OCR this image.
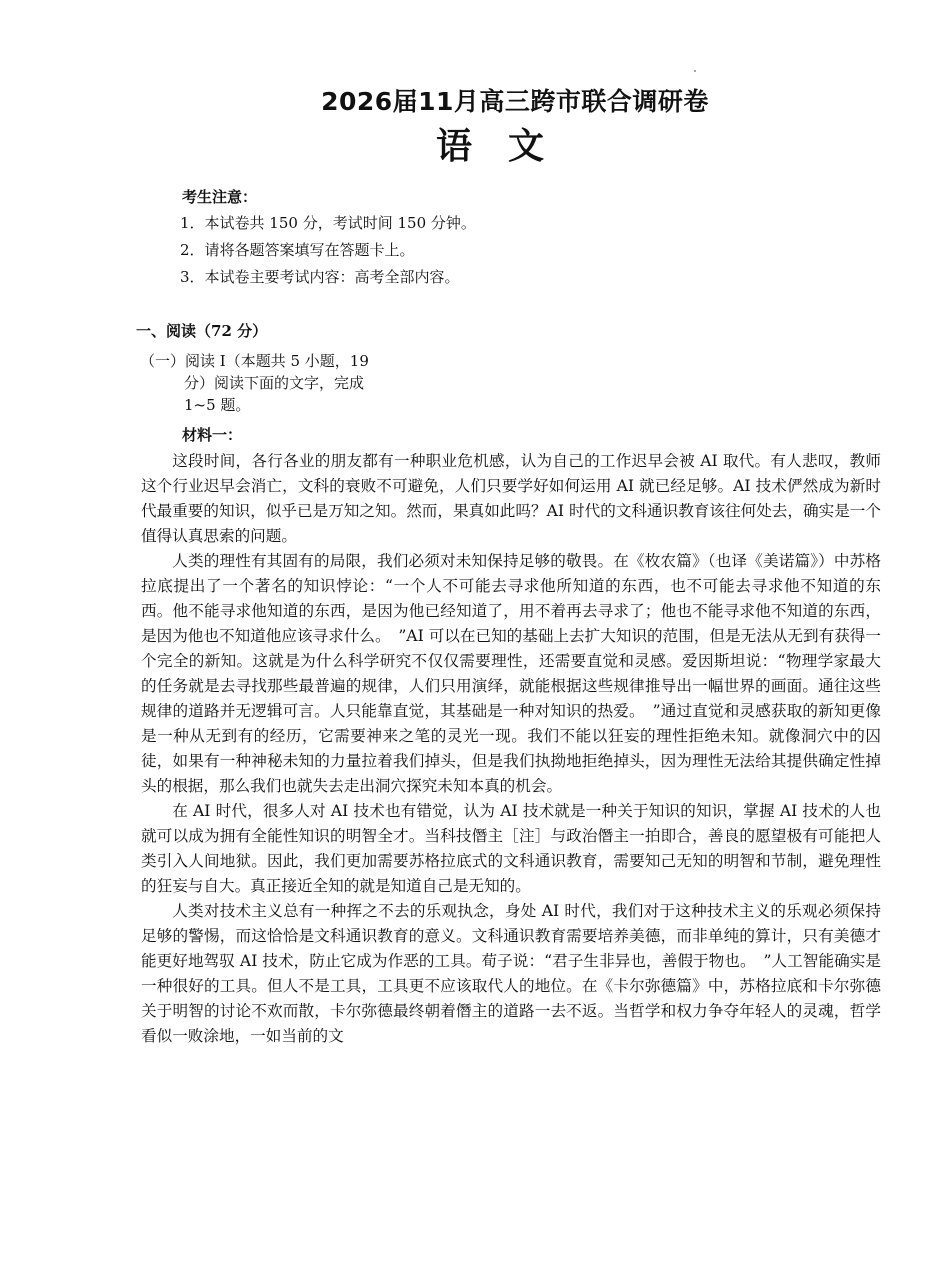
2026届11月高三跨市联合调研卷
语　文
考生注意：
1．本试卷共 150 分，考试时间 150 分钟。
2．请将各题答案填写在答题卡上。
3．本试卷主要考试内容：高考全部内容。
一、阅读（72 分）
（一）阅读 I（本题共 5 小题，19
分）阅读下面的文字，完成
1~5 题。
材料一：

这段时间，各行各业的朋友都有一种职业危机感，认为自己的工作迟早会被 AI 取代。有人悲叹，教师这个行业迟早会消亡，文科的衰败不可避免，人们只要学好如何运用 AI 就已经足够。AI 技术俨然成为新时代最重要的知识，似乎已是万知之知。然而，果真如此吗？AI 时代的文科通识教育该往何处去，确实是一个值得认真思索的问题。

人类的理性有其固有的局限，我们必须对未知保持足够的敬畏。在《枚农篇》（也译《美诺篇》）中苏格拉底提出了一个著名的知识悖论：“一个人不可能去寻求他所知道的东西，也不可能去寻求他不知道的东西。他不能寻求他知道的东西，是因为他已经知道了，用不着再去寻求了；他也不能寻求他不知道的东西，是因为他也不知道他应该寻求什么。　”AI 可以在已知的基础上去扩大知识的范围，但是无法从无到有获得一个完全的新知。这就是为什么科学研究不仅仅需要理性，还需要直觉和灵感。爱因斯坦说：“物理学家最大的任务就是去寻找那些最普遍的规律，人们只用演绎，就能根据这些规律推导出一幅世界的画面。通往这些规律的道路并无逻辑可言。人只能靠直觉，其基础是一种对知识的热爱。　”通过直觉和灵感获取的新知更像是一种从无到有的经历，它需要神来之笔的灵光一现。我们不能以狂妄的理性拒绝未知。就像洞穴中的囚徒，如果有一种神秘未知的力量拉着我们掉头，但是我们执拗地拒绝掉头，因为理性无法给其提供确定性掉头的根据，那么我们也就失去走出洞穴探究未知本真的机会。

在 AI 时代，很多人对 AI 技术也有错觉，认为 AI 技术就是一种关于知识的知识，掌握 AI 技术的人也就可以成为拥有全能性知识的明智全才。当科技僭主［注］与政治僭主一拍即合，善良的愿望极有可能把人类引入人间地狱。因此，我们更加需要苏格拉底式的文科通识教育，需要知己无知的明智和节制，避免理性的狂妄与自大。真正接近全知的就是知道自己是无知的。

人类对技术主义总有一种挥之不去的乐观执念，身处 AI 时代，我们对于这种技术主义的乐观必须保持足够的警惕，而这恰恰是文科通识教育的意义。文科通识教育需要培养美德，而非单纯的算计，只有美德才能更好地驾驭 AI 技术，防止它成为作恶的工具。荀子说：“君子生非异也，善假于物也。　”人工智能确实是一种很好的工具。但人不是工具，工具更不应该取代人的地位。在《卡尔弥德篇》中，苏格拉底和卡尔弥德关于明智的讨论不欢而散，卡尔弥德最终朝着僭主的道路一去不返。当哲学和权力争夺年轻人的灵魂，哲学看似一败涂地，一如当前的文
